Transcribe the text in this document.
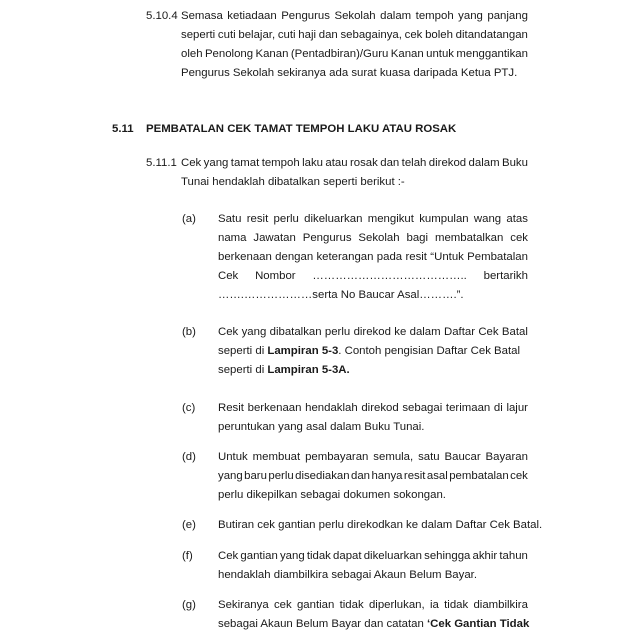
5.10.4 Semasa ketiadaan Pengurus Sekolah dalam tempoh yang panjang
seperti cuti belajar, cuti haji dan sebagainya, cek boleh ditandatangan
oleh Penolong Kanan (Pentadbiran)/Guru Kanan untuk menggantikan
Pengurus Sekolah sekiranya ada surat kuasa daripada Ketua PTJ.
5.11 PEMBATALAN CEK TAMAT TEMPOH LAKU ATAU ROSAK
5.11.1 Cek yang tamat tempoh laku atau rosak dan telah direkod dalam Buku
Tunai hendaklah dibatalkan seperti berikut :-
(a) Satu resit perlu dikeluarkan mengikut kumpulan wang atas
nama Jawatan Pengurus Sekolah bagi membatalkan cek
berkenaan dengan keterangan pada resit “Untuk Pembatalan
Cek Nombor ………………………………….. bertarikh
…….………………serta No Baucar Asal……….”.
(b) Cek yang dibatalkan perlu direkod ke dalam Daftar Cek Batal
seperti di Lampiran 5-3. Contoh pengisian Daftar Cek Batal
seperti di Lampiran 5-3A.
(c) Resit berkenaan hendaklah direkod sebagai terimaan di lajur
peruntukan yang asal dalam Buku Tunai.
(d) Untuk membuat pembayaran semula, satu Baucar Bayaran
yang baru perlu disediakan dan hanya resit asal pembatalan cek
perlu dikepilkan sebagai dokumen sokongan.
(e) Butiran cek gantian perlu direkodkan ke dalam Daftar Cek Batal.
(f) Cek gantian yang tidak dapat dikeluarkan sehingga akhir tahun
hendaklah diambilkira sebagai Akaun Belum Bayar.
(g) Sekiranya cek gantian tidak diperlukan, ia tidak diambilkira
sebagai Akaun Belum Bayar dan catatan ‘Cek Gantian Tidak
